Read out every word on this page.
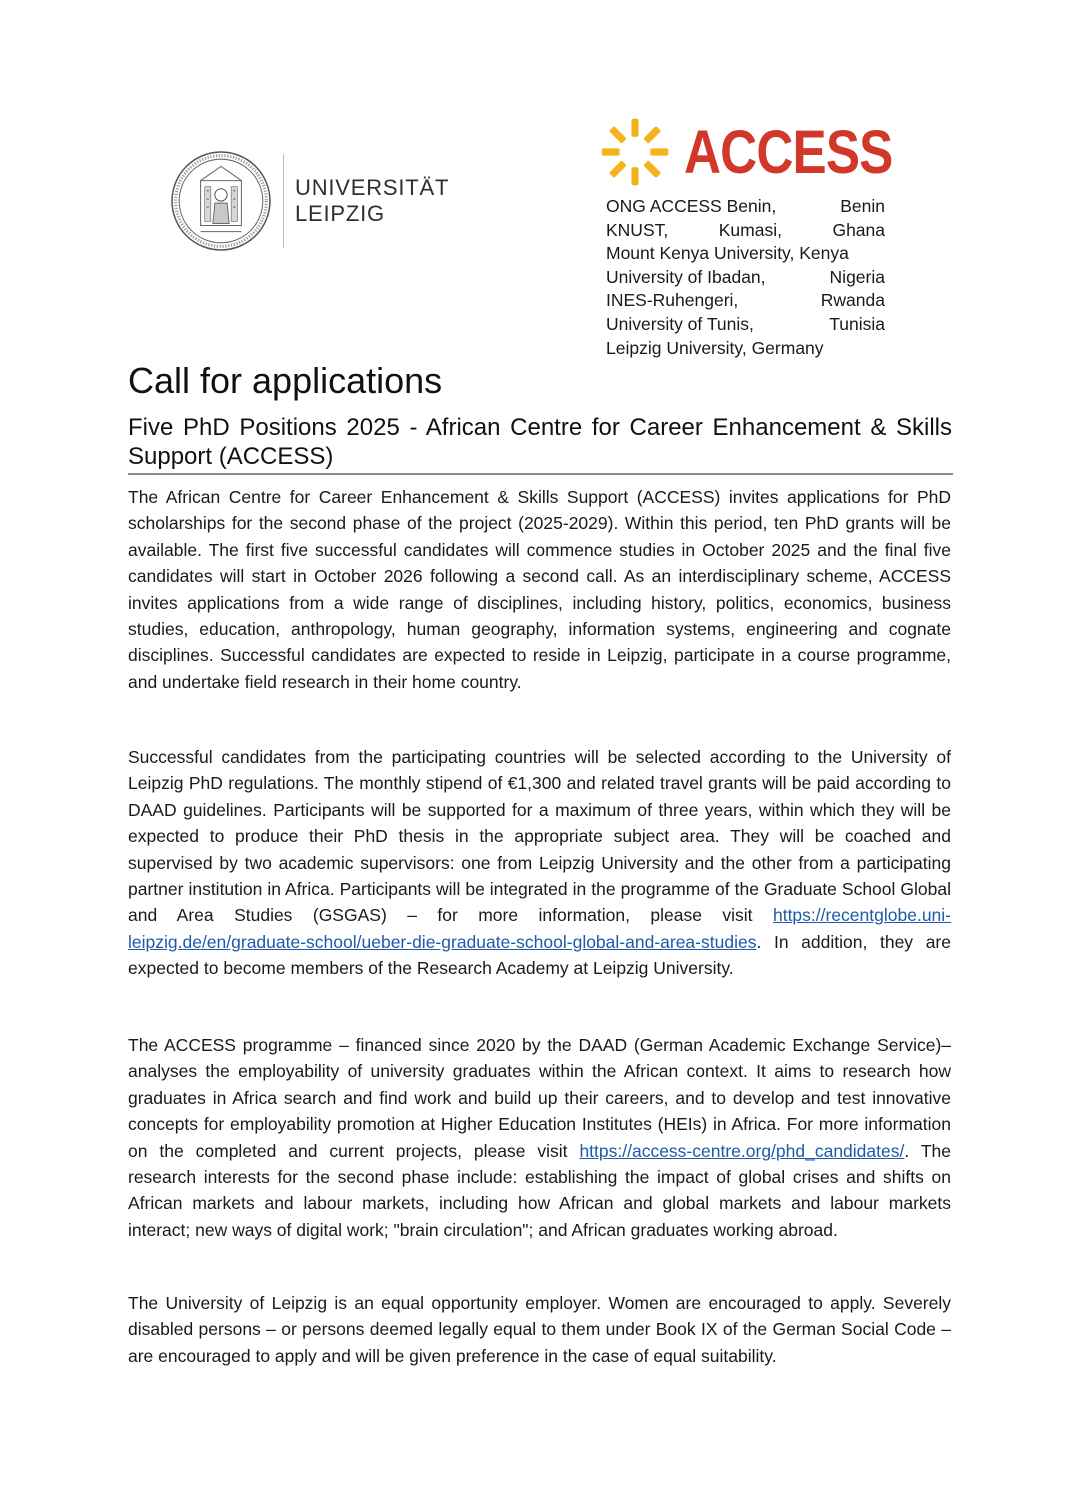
UNIVERSITÄT
LEIPZIG
ACCESS
ONG ACCESS Benin,	Benin
KNUST,	Kumasi,	Ghana
Mount Kenya University, Kenya
University of Ibadan,	Nigeria
INES-Ruhengeri,	Rwanda
University of Tunis,	Tunisia
Leipzig University, Germany
Call for applications
Five PhD Positions 2025 - African Centre for Career Enhancement & Skills Support (ACCESS)

The African Centre for Career Enhancement & Skills Support (ACCESS) invites applications for PhD scholarships for the second phase of the project (2025-2029). Within this period, ten PhD grants will be available. The first five successful candidates will commence studies in October 2025 and the final five candidates will start in October 2026 following a second call. As an interdisciplinary scheme, ACCESS invites applications from a wide range of disciplines, including history, politics, economics, business studies, education, anthropology, human geography, information systems, engineering and cognate disciplines. Successful candidates are expected to reside in Leipzig, participate in a course programme, and undertake field research in their home country.

Successful candidates from the participating countries will be selected according to the University of Leipzig PhD regulations. The monthly stipend of €1,300 and related travel grants will be paid according to DAAD guidelines. Participants will be supported for a maximum of three years, within which they will be expected to produce their PhD thesis in the appropriate subject area. They will be coached and supervised by two academic supervisors: one from Leipzig University and the other from a participating partner institution in Africa. Participants will be integrated in the programme of the Graduate School Global and Area Studies (GSGAS) – for more information, please visit https://recentglobe.uni-leipzig.de/en/graduate-school/ueber-die-graduate-school-global-and-area-studies. In addition, they are expected to become members of the Research Academy at Leipzig University.

The ACCESS programme – financed since 2020 by the DAAD (German Academic Exchange Service)– analyses the employability of university graduates within the African context. It aims to research how graduates in Africa search and find work and build up their careers, and to develop and test innovative concepts for employability promotion at Higher Education Institutes (HEIs) in Africa. For more information on the completed and current projects, please visit https://access-centre.org/phd_candidates/. The research interests for the second phase include: establishing the impact of global crises and shifts on African markets and labour markets, including how African and global markets and labour markets interact; new ways of digital work; "brain circulation"; and African graduates working abroad.

The University of Leipzig is an equal opportunity employer. Women are encouraged to apply. Severely disabled persons – or persons deemed legally equal to them under Book IX of the German Social Code – are encouraged to apply and will be given preference in the case of equal suitability.
